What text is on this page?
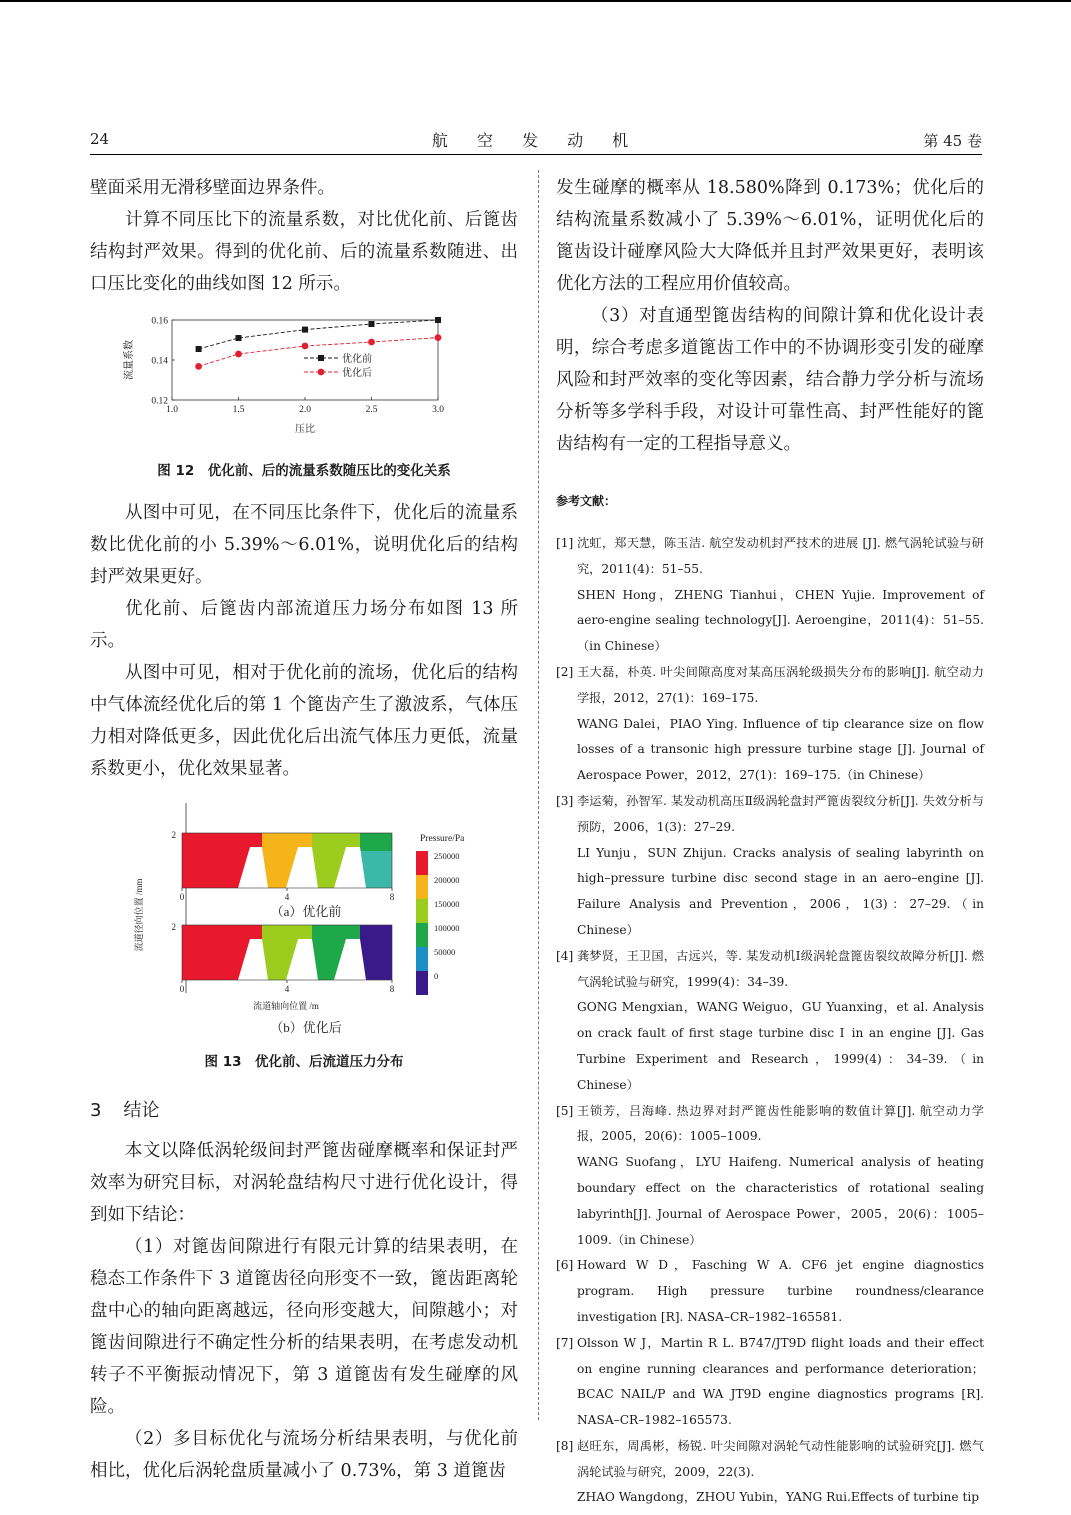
24	航 空 发 动 机	第 45 卷

壁面采用无滑移壁面边界条件。

计算不同压比下的流量系数，对比优化前、后篦齿结构封严效果。得到的优化前、后的流量系数随进、出口压比变化的曲线如图 12 所示。

1.0	1.5	2.0	2.5	3.0
0.12
0.14
0.16
压比
流量系数	优化前
优化后

图 12　优化前、后的流量系数随压比的变化关系

从图中可见，在不同压比条件下，优化后的流量系数比优化前的小 5.39%～6.01%，说明优化后的结构封严效果更好。

优化前、后篦齿内部流道压力场分布如图 13 所示。

从图中可见，相对于优化前的流场，优化后的结构中气体流经优化后的第 1 个篦齿产生了激波系，气体压力相对降低更多，因此优化后出流气体压力更低，流量系数更小，优化效果显著。

流道径向位置 /mm
2
0	4	8
（a）优化前
2
0	4	8
（b）优化后
流道轴向位置 /m
Pressure/Pa
250000
200000
150000
100000
50000
0

图 13　优化前、后流道压力分布

3 结论

本文以降低涡轮级间封严篦齿碰摩概率和保证封严效率为研究目标，对涡轮盘结构尺寸进行优化设计，得到如下结论：

（1）对篦齿间隙进行有限元计算的结果表明，在稳态工作条件下 3 道篦齿径向形变不一致，篦齿距离轮盘中心的轴向距离越远，径向形变越大，间隙越小；对篦齿间隙进行不确定性分析的结果表明，在考虑发动机转子不平衡振动情况下，第 3 道篦齿有发生碰摩的风险。

（2）多目标优化与流场分析结果表明，与优化前相比，优化后涡轮盘质量减小了 0.73%，第 3 道篦齿

发生碰摩的概率从 18.580%降到 0.173%；优化后的结构流量系数减小了 5.39%～6.01%，证明优化后的篦齿设计碰摩风险大大降低并且封严效果更好，表明该优化方法的工程应用价值较高。

（3）对直通型篦齿结构的间隙计算和优化设计表明，综合考虑多道篦齿工作中的不协调形变引发的碰摩风险和封严效率的变化等因素，结合静力学分析与流场分析等多学科手段，对设计可靠性高、封严性能好的篦齿结构有一定的工程指导意义。

参考文献：

[1] 沈虹，郑天慧，陈玉洁. 航空发动机封严技术的进展 [J]. 燃气涡轮试验与研究，2011(4)：51–55.
SHEN Hong，ZHENG Tianhui，CHEN Yujie. Improvement of aero-engine sealing technology[J]. Aeroengine，2011(4)：51–55.（in Chinese）

[2] 王大磊，朴英. 叶尖间隙高度对某高压涡轮级损失分布的影响[J]. 航空动力学报，2012，27(1)：169–175.
WANG Dalei，PIAO Ying. Influence of tip clearance size on flow losses of a transonic high pressure turbine stage [J]. Journal of Aerospace Power，2012，27(1)：169–175.（in Chinese）

[3] 李运菊，孙智军. 某发动机高压Ⅱ级涡轮盘封严篦齿裂纹分析[J]. 失效分析与预防，2006，1(3)：27–29.
LI Yunju，SUN Zhijun. Cracks analysis of sealing labyrinth on high–pressure turbine disc second stage in an aero–engine [J]. Failure Analysis and Prevention，2006，1(3)：27–29.（in Chinese）

[4] 龚梦贤，王卫国，古远兴，等. 某发动机Ⅰ级涡轮盘篦齿裂纹故障分析[J]. 燃气涡轮试验与研究，1999(4)：34–39.
GONG Mengxian，WANG Weiguo，GU Yuanxing，et al. Analysis on crack fault of first stage turbine disc Ⅰ in an engine [J]. Gas Turbine Experiment and Research，1999(4)：34–39.（in Chinese）

[5] 王锁芳，吕海峰. 热边界对封严篦齿性能影响的数值计算[J]. 航空动力学报，2005，20(6)：1005–1009.
WANG Suofang，LYU Haifeng. Numerical analysis of heating boundary effect on the characteristics of rotational sealing labyrinth[J]. Journal of Aerospace Power，2005，20(6)：1005–1009.（in Chinese）

[6] Howard W D，Fasching W A. CF6 jet engine diagnostics program. High pressure turbine roundness/clearance investigation [R]. NASA–CR–1982–165581.

[7] Olsson W J，Martin R L. B747/JT9D flight loads and their effect on engine running clearances and performance deterioration； BCAC NAIL/P and WA JT9D engine diagnostics programs [R]. NASA–CR–1982–165573.

[8] 赵旺东，周禹彬，杨锐. 叶尖间隙对涡轮气动性能影响的试验研究[J]. 燃气涡轮试验与研究，2009，22(3).
ZHAO Wangdong，ZHOU Yubin，YANG Rui.Effects of turbine tip
